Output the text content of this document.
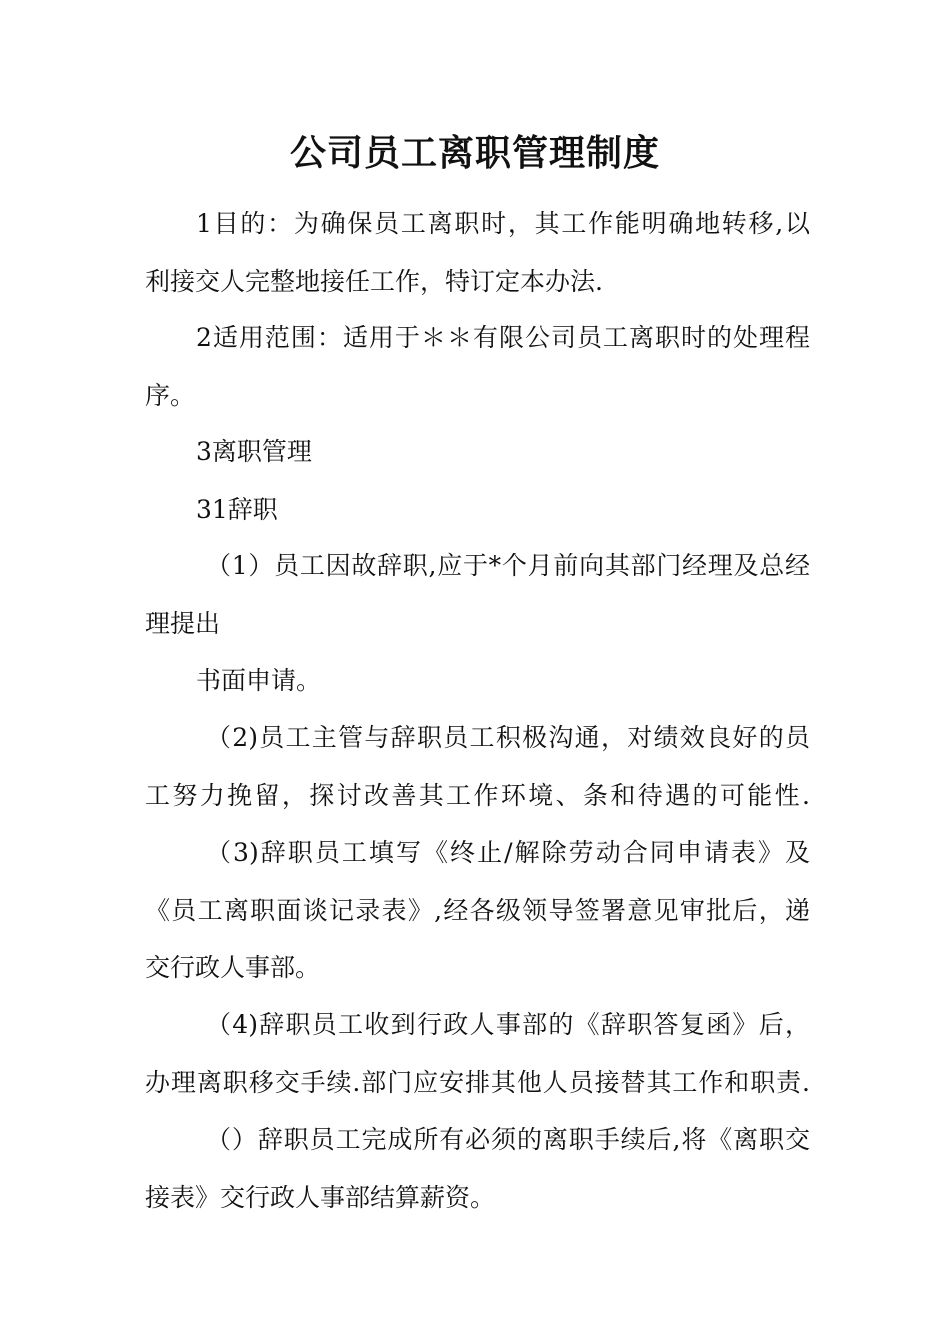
公司员工离职管理制度
1目的：为确保员工离职时，其工作能明确地转移,以
利接交人完整地接任工作，特订定本办法.
2适用范围：适用于＊＊有限公司员工离职时的处理程
序。
3离职管理
31辞职
（1）员工因故辞职,应于*个月前向其部门经理及总经
理提出
书面申请。
（2)员工主管与辞职员工积极沟通，对绩效良好的员
工努力挽留，探讨改善其工作环境、条和待遇的可能性.
（3)辞职员工填写《终止/解除劳动合同申请表》及
《员工离职面谈记录表》,经各级领导签署意见审批后，递
交行政人事部。
（4)辞职员工收到行政人事部的《辞职答复函》后，
办理离职移交手续.部门应安排其他人员接替其工作和职责.
（）辞职员工完成所有必须的离职手续后,将《离职交
接表》交行政人事部结算薪资。
